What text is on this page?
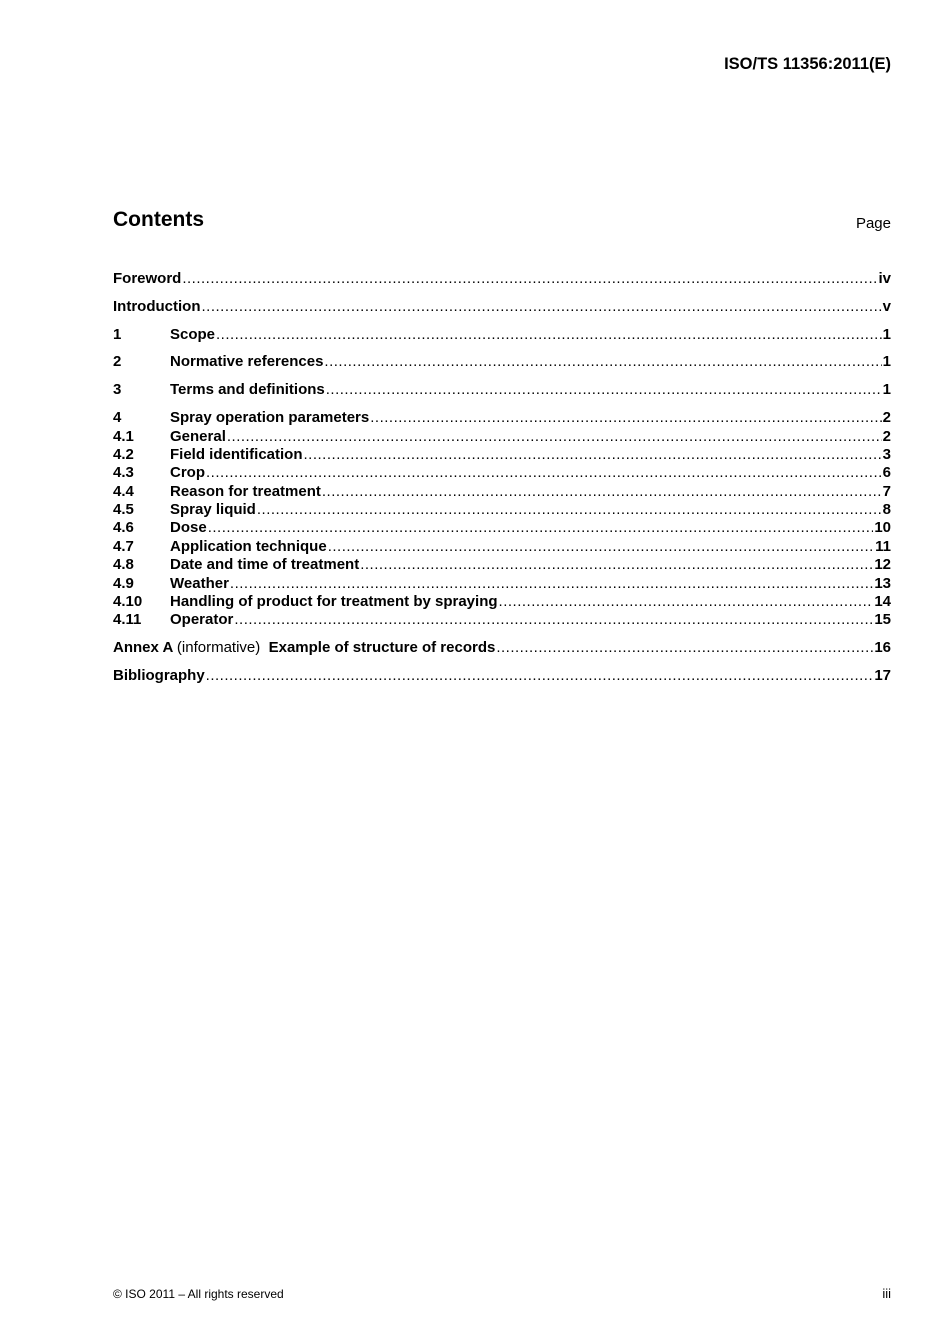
ISO/TS 11356:2011(E)
Contents	Page
Foreword .....	iv
Introduction .....	v
1	Scope .....	1
2	Normative references .....	1
3	Terms and definitions .....	1
4	Spray operation parameters .....	2
4.1	General .....	2
4.2	Field identification .....	3
4.3	Crop .....	6
4.4	Reason for treatment .....	7
4.5	Spray liquid .....	8
4.6	Dose .....	10
4.7	Application technique .....	11
4.8	Date and time of treatment .....	12
4.9	Weather .....	13
4.10	Handling of product for treatment by spraying .....	14
4.11	Operator .....	15
Annex A (informative) Example of structure of records .....	16
Bibliography .....	17
© ISO 2011 – All rights reserved	iii
